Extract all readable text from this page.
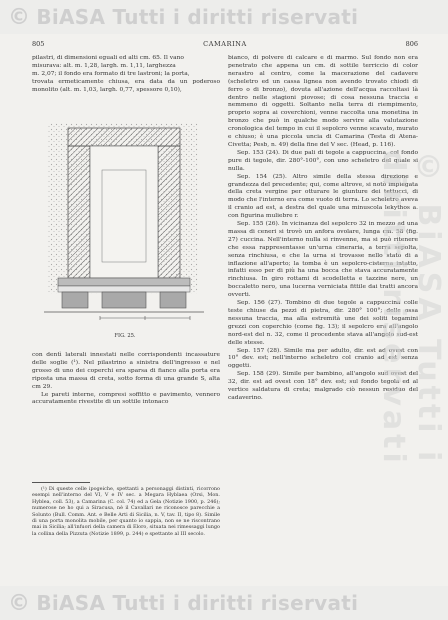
© BiASA Tutti i diritti riservati
805	CAMARINA	806

pilastri, di dimensioni eguali ed alti cm. 65. Il vano

misurava: alt. m. 1,28, largh. m. 1,11, larghezza

m. 2,07; il fondo era formato di tre lastroni; la porta,

trovata ermeticamente chiusa, era data da un poderoso monolito (alt. m. 1,03, largh. 0,77, spessore 0,10),

FIG. 25.

con dentì laterali innestati nelle corrispondenti incassature delle soglie (¹). Nel pilastrino a sinistra dell'ingresso e nel grosso di uno dei coperchi era sparsa di fianco alla porta era riposta una massa di creta, sotto forma di una grande S, alta cm 29.

Le pareti interne, compresi soffitto e pavimento, vennero accuratamente rivestite di un sottile intonaco

(¹) Di queste celle ipogeiche, spettanti a personaggi distinti, ricorrono esempi nell'interno del VI, V e IV sec. a Megara Hyblaea (Orsi, Mon. Hyblea, coll. 53), a Camarina (C. col. 74) ed a Gela (Notizie 1900, p. 246); numerose ne ho qui a Siracusa, nè il Cavallari ne riconosce parecchie a Solunto (Bull. Comm. Ant. e Belle Arti di Sicilia, n. V, tav. II, tipo 8). Simile di una porta monolita mobile, per quanto io sappia, non se ne riscontrano mai in Sicilia; all'infuori della camera di Eloro, situata nei rimessaggi lungo la collina della Pizzuta (Notizie 1899, p. 244) e spettante al III secolo.

bianco, di polvere di calcare e di marmo. Sul fondo non era penetrato che appena un cm. di sottile terriccio di color nerastro al centro, come la macerazione del cadavere (scheletro ed un cassa lignea non avendo trovato chiodi di ferro o di bronzo), dovuta all'azione dell'acqua raccoltasi là dentro nelle stagioni piovose; di cosa nessuna traccia e nemmeno di oggetti. Soltanto nella terra di riempimento, proprio sopra ai coverchioni, venne raccolta una monetina in bronzo che può in qualche modo servire alla valutazione cronologica del tempo in cui il sepolcro venne scavato, murato e chiuso; è una piccola uncia di Camarina (Testa di Atena-Civetta; Pesb, n. 49) della fine del V sec. (Head, p. 116).

Sep. 153 (24). Di due pali di tegole a cappuccina, col fondo pure di tegole, dir. 280°-100°, con uno scheletro del quale si nulla.

Sep. 154 (25). Altro simile della stessa direzione e grandezza del precedente; qui, come altrove, si notò impiegata della creta vergine per otturare le giunture dei tettucci, di modo che l'interno era come vuoto di terra. Lo scheletro aveva il cranio ad est, a destra del quale una minuscola lekythos a. con figurina muliebre r.

Sep. 155 (26). In vicinanza del sepolcro 32 in mezzo ad una massa di ceneri si trovò un anfora ovolare, lunga cm. 58 (fig. 27) cuccina. Nell'interno nulla si rinvenne, ma si può ritenere che essa rappresentasse un'urna cineraria, a terra sepolta, senza rinchiusa, e che la urna si trovasse nello stato di a inflazione all'aperto; la tomba è un sepolcro-cisterna intatto, infatti esso per di più ha una bocca che stava accuratamente rinchiusa. In giro rottami di scodelletta e tazzine nere, un boccaletto nero, una lucerna verniciata fittile dai tratti ancora ovverti.

Sep. 156 (27). Tombino di due tegole a cappuccina colle teste chiuse da pezzi di pietra, dir. 280° 100°; delle ossa nessuna traccia, ma alla estremità une dei soliti tegamini grezzi con coperchio (come fig. 13); il sepolcro era all'angolo nord-est del n. 32, come il procedente stava all'angolo sud-est delle stesse.

Sep. 157 (28). Simile ma per adulto, dir. est ad ovest con 10° dev. est; nell'interno scheletro col cranio ad est senza oggetti.

Sep. 158 (29). Simile per bambino, all'angolo sud ovest del 32, dir. est ad ovest con 18° dev. est; sul fondo tegola ed al vertice saldatura di creta; malgrado ciò nessun residuo del cadaverino.	© BiASA Tutti i diritti riservati
© BiASA Tutti i diritti riservati
